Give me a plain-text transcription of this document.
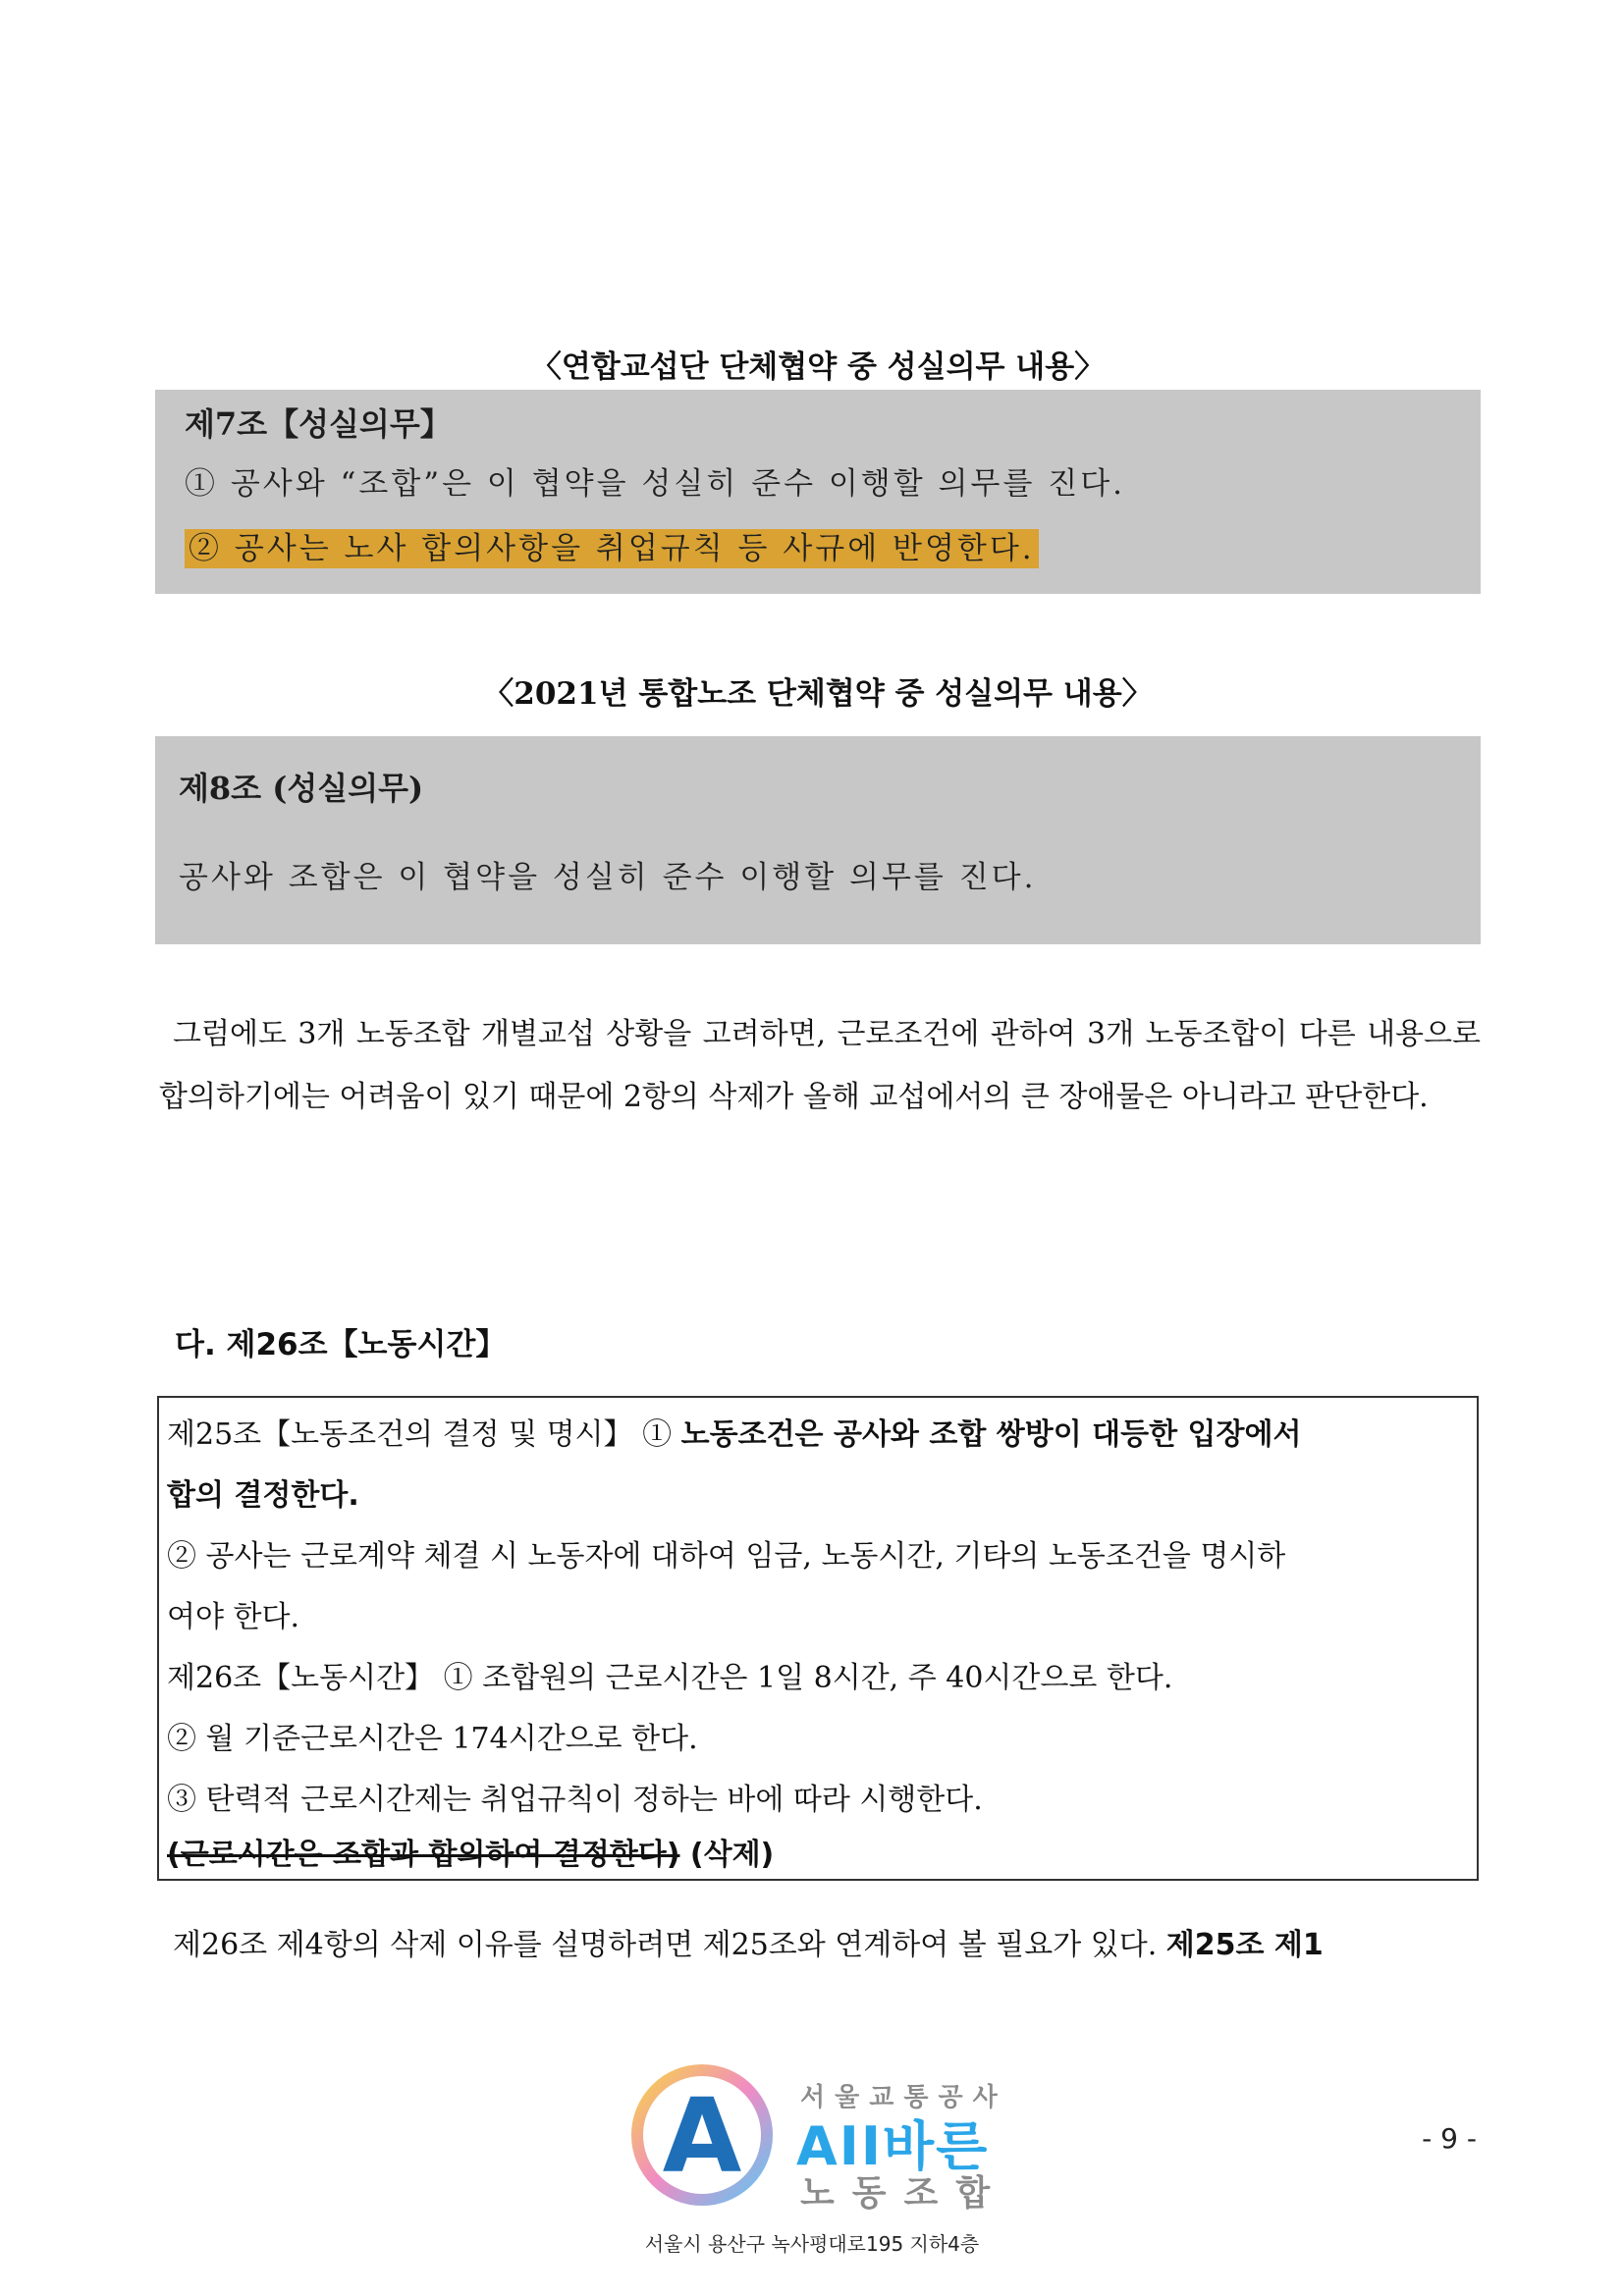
〈연합교섭단 단체협약 중 성실의무 내용〉
제7조【성실의무】
① 공사와 “조합”은 이 협약을 성실히 준수 이행할 의무를 진다.
② 공사는 노사 합의사항을 취업규칙 등 사규에 반영한다.
〈2021년 통합노조 단체협약 중 성실의무 내용〉
제8조 (성실의무)
공사와 조합은 이 협약을 성실히 준수 이행할 의무를 진다.
그럼에도 3개 노동조합 개별교섭 상황을 고려하면, 근로조건에 관하여 3개 노동조합이 다른 내용으로 합의하기에는 어려움이 있기 때문에 2항의 삭제가 올해 교섭에서의 큰 장애물은 아니라고 판단한다.
다. 제26조【노동시간】
제25조【노동조건의 결정 및 명시】 ① 노동조건은 공사와 조합 쌍방이 대등한 입장에서
합의 결정한다.
② 공사는 근로계약 체결 시 노동자에 대하여 임금, 노동시간, 기타의 노동조건을 명시하
여야 한다.
제26조【노동시간】 ① 조합원의 근로시간은 1일 8시간, 주 40시간으로 한다.
② 월 기준근로시간은 174시간으로 한다.
③ 탄력적 근로시간제는 취업규칙이 정하는 바에 따라 시행한다.
(근로시간은 조합과 합의하여 결정한다) (삭제)
제26조 제4항의 삭제 이유를 설명하려면 제25조와 연계하여 볼 필요가 있다. 제25조 제1
A 서울교통공사
AII바른
노동조합
- 9 -
서울시 용산구 녹사평대로195 지하4층
